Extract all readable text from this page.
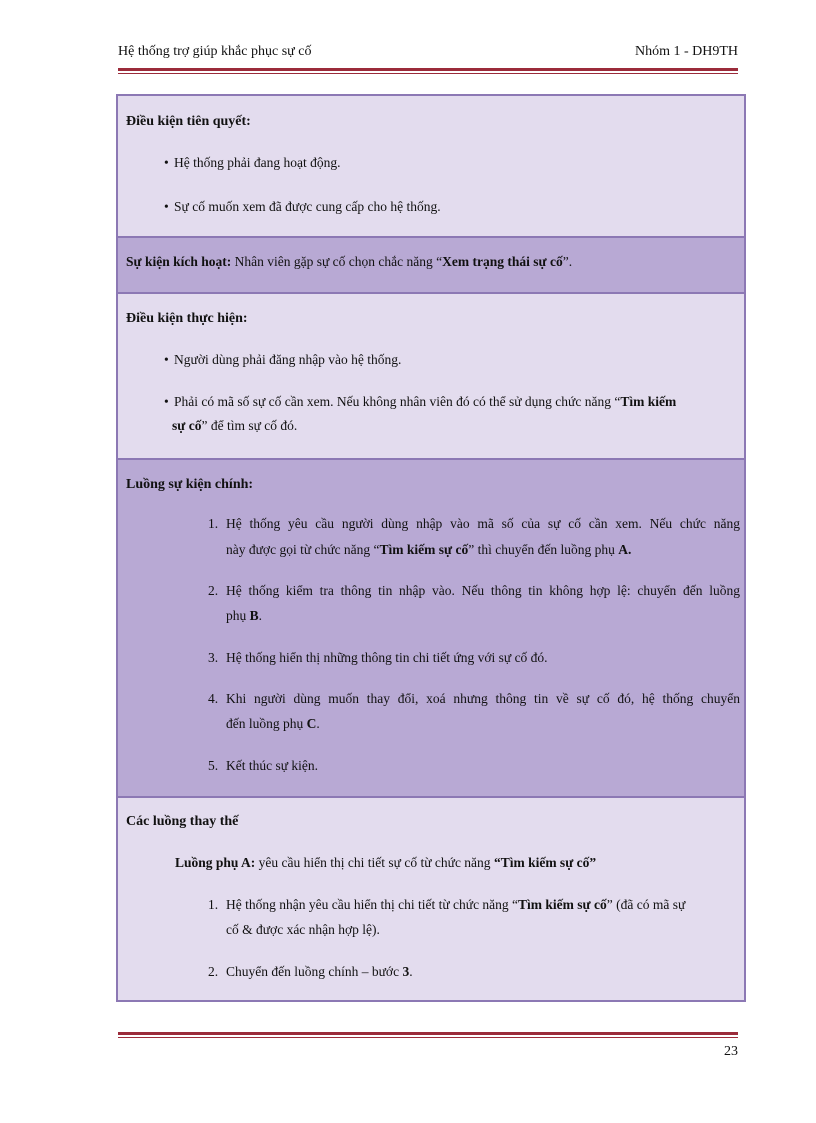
Hệ thống trợ giúp khắc phục sự cố	Nhóm 1 - DH9TH
Điều kiện tiên quyết:
• Hệ thống phải đang hoạt động.
• Sự cố muốn xem đã được cung cấp cho hệ thống.
Sự kiện kích hoạt: Nhân viên gặp sự cố chọn chắc năng “Xem trạng thái sự cố”.
Điều kiện thực hiện:
• Người dùng phải đăng nhập vào hệ thống.
• Phải có mã số sự cố cần xem. Nếu không nhân viên đó có thể sử dụng chức năng “Tìm kiếm
sự cố” để tìm sự cố đó.
Luồng sự kiện chính:
1. Hệ thống yêu cầu người dùng nhập vào mã số của sự cố cần xem. Nếu chức năng
này được gọi từ chức năng “Tìm kiếm sự cố” thì chuyển đến luồng phụ A.
2. Hệ thống kiểm tra thông tin nhập vào. Nếu thông tin không hợp lệ: chuyển đến luồng
phụ B.
3. Hệ thống hiển thị những thông tin chi tiết ứng với sự cố đó.
4. Khi người dùng muốn thay đổi, xoá nhưng thông tin về sự cố đó, hệ thống chuyển
đến luồng phụ C.
5. Kết thúc sự kiện.
Các luồng thay thế
Luồng phụ A: yêu cầu hiển thị chi tiết sự cố từ chức năng “Tìm kiếm sự cố”
1. Hệ thống nhận yêu cầu hiển thị chi tiết từ chức năng “Tìm kiếm sự cố” (đã có mã sự
cố & được xác nhận hợp lệ).
2. Chuyển đến luồng chính – bước 3.
23
